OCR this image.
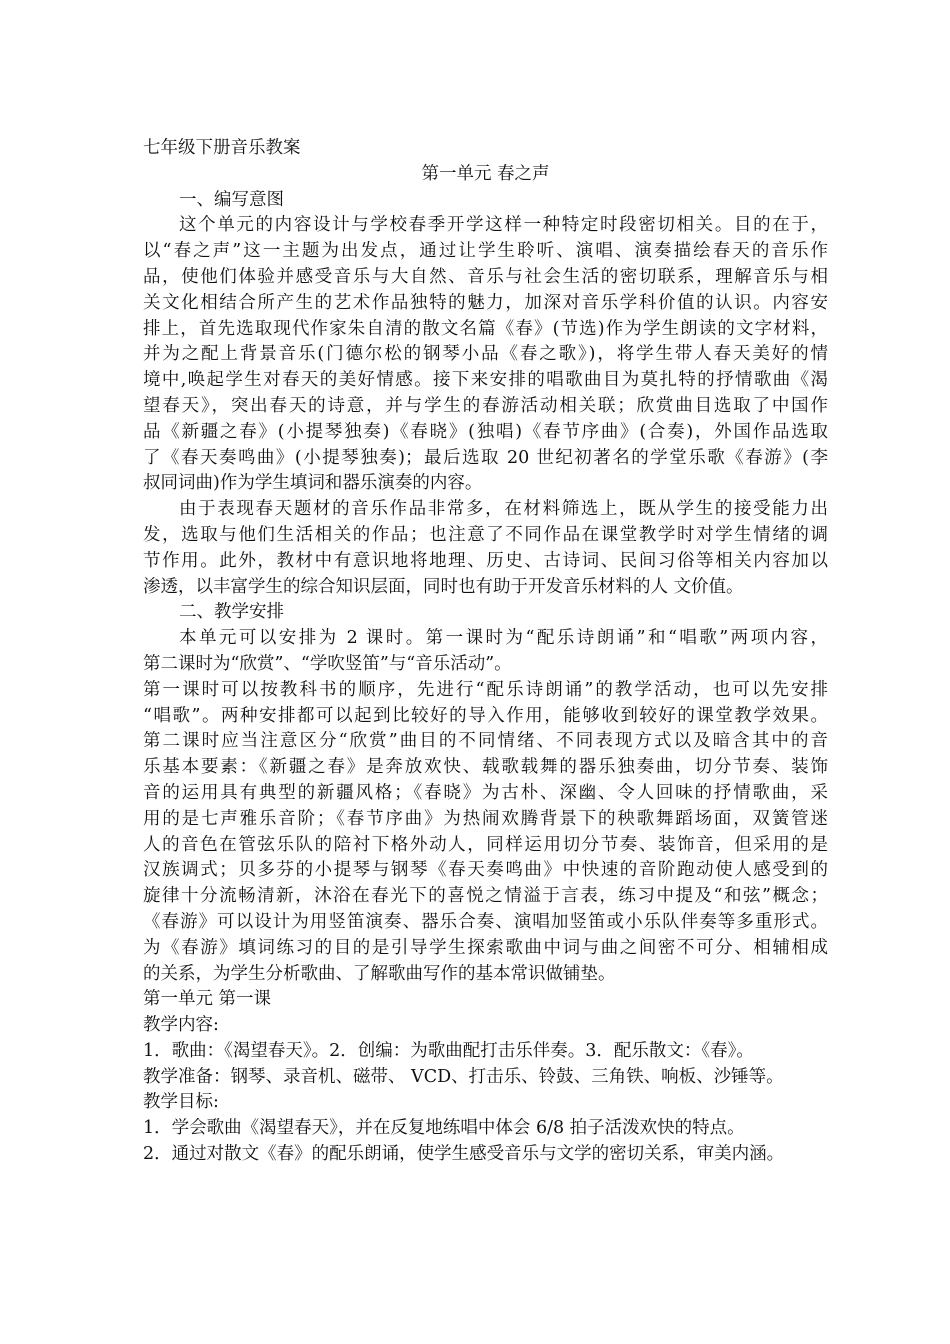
七年级下册音乐教案
第一单元 春之声
一、编写意图
这个单元的内容设计与学校春季开学这样一种特定时段密切相关。目的在于，
以“春之声”这一主题为出发点，通过让学生聆听、演唱、演奏描绘春天的音乐作
品，使他们体验并感受音乐与大自然、音乐与社会生活的密切联系，理解音乐与相
关文化相结合所产生的艺术作品独特的魅力，加深对音乐学科价值的认识。内容安
排上，首先选取现代作家朱自清的散文名篇《春》(节选)作为学生朗读的文字材料，
并为之配上背景音乐(门德尔松的钢琴小品《春之歌》)，将学生带人春天美好的情
境中,唤起学生对春天的美好情感。接下来安排的唱歌曲目为莫扎特的抒情歌曲《渴
望春天》，突出春天的诗意，并与学生的春游活动相关联；欣赏曲目选取了中国作
品《新疆之春》(小提琴独奏)《春晓》(独唱)《春节序曲》(合奏)，外国作品选取
了《春天奏鸣曲》(小提琴独奏)；最后选取 20 世纪初著名的学堂乐歌《春游》(李
叔同词曲)作为学生填词和器乐演奏的内容。
由于表现春天题材的音乐作品非常多，在材料筛选上，既从学生的接受能力出
发，选取与他们生活相关的作品；也注意了不同作品在课堂教学时对学生情绪的调
节作用。此外，教材中有意识地将地理、历史、古诗词、民间习俗等相关内容加以
渗透，以丰富学生的综合知识层面，同时也有助于开发音乐材料的人 文价值。
二、教学安排
本单元可以安排为 2 课时。第一课时为“配乐诗朗诵”和“唱歌”两项内容，
第二课时为“欣赏”、“学吹竖笛”与“音乐活动”。
第一课时可以按教科书的顺序，先进行“配乐诗朗诵”的教学活动，也可以先安排
“唱歌”。两种安排都可以起到比较好的导入作用，能够收到较好的课堂教学效果。
第二课时应当注意区分“欣赏”曲目的不同情绪、不同表现方式以及暗含其中的音
乐基本要素：《新疆之春》是奔放欢快、载歌载舞的器乐独奏曲，切分节奏、装饰
音的运用具有典型的新疆风格；《春晓》为古朴、深幽、令人回味的抒情歌曲，采
用的是七声雅乐音阶；《春节序曲》为热闹欢腾背景下的秧歌舞蹈场面，双簧管迷
人的音色在管弦乐队的陪衬下格外动人，同样运用切分节奏、装饰音，但采用的是
汉族调式；贝多芬的小提琴与钢琴《春天奏鸣曲》中快速的音阶跑动使人感受到的
旋律十分流畅清新，沐浴在春光下的喜悦之情溢于言表，练习中提及“和弦”概念；
《春游》可以设计为用竖笛演奏、器乐合奏、演唱加竖笛或小乐队伴奏等多重形式。
为《春游》填词练习的目的是引导学生探索歌曲中词与曲之间密不可分、相辅相成
的关系，为学生分析歌曲、了解歌曲写作的基本常识做铺垫。
第一单元 第一课
教学内容:
1．歌曲：《渴望春天》。2．创编：为歌曲配打击乐伴奏。3．配乐散文：《春》。
教学准备：钢琴、录音机、磁带、 VCD、打击乐、铃鼓、三角铁、响板、沙锤等。
教学目标:
1．学会歌曲《渴望春天》，并在反复地练唱中体会 6/8 拍子活泼欢快的特点。
2．通过对散文《春》的配乐朗诵，使学生感受音乐与文学的密切关系，审美内涵。
